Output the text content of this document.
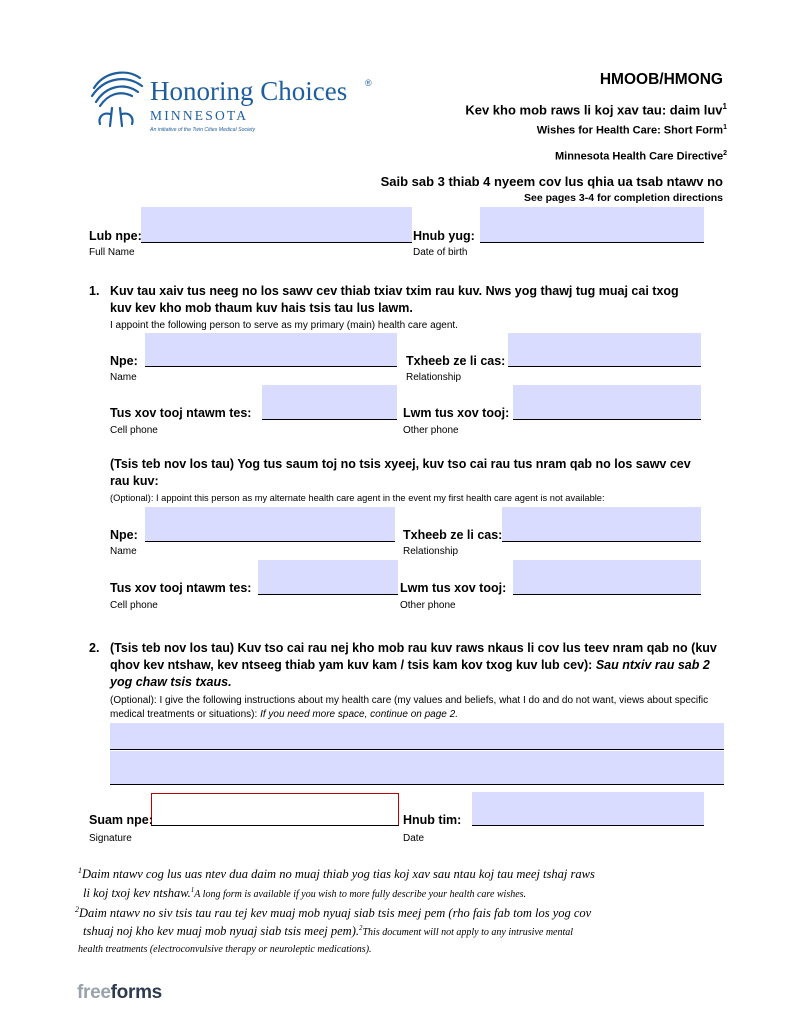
Honoring Choices ®
MINNESOTA
An initiative of the Twin Cities Medical Society
HMOOB/HMONG
Kev kho mob raws li koj xav tau: daim luv$^1$
Wishes for Health Care: Short Form$^1$
Minnesota Health Care Directive$^2$
Saib sab 3 thiab 4 nyeem cov lus qhia ua tsab ntawv no
See pages 3-4 for completion directions
Lub npe:	Hnub yug:
Full Name	Date of birth
1. Kuv tau xaiv tus neeg no los sawv cev thiab txiav txim rau kuv. Nws yog thawj tug muaj cai txog kuv kev kho mob thaum kuv hais tsis tau lus lawm.
I appoint the following person to serve as my primary (main) health care agent.
Npe:	Txheeb ze li cas:
Name	Relationship
Tus xov tooj ntawm tes:	Lwm tus xov tooj:
Cell phone	Other phone
(Tsis teb nov los tau) Yog tus saum toj no tsis xyeej, kuv tso cai rau tus nram qab no los sawv cev rau kuv:
(Optional): I appoint this person as my alternate health care agent in the event my first health care agent is not available:
Npe:	Txheeb ze li cas:
Name	Relationship
Tus xov tooj ntawm tes:	Lwm tus xov tooj:
Cell phone	Other phone
2. (Tsis teb nov los tau) Kuv tso cai rau nej kho mob rau kuv raws nkaus li cov lus teev nram qab no (kuv qhov kev ntshaw, kev ntseeg thiab yam kuv kam / tsis kam kov txog kuv lub cev): Sau ntxiv rau sab 2 yog chaw tsis txaus.
(Optional): I give the following instructions about my health care (my values and beliefs, what I do and do not want, views about specific medical treatments or situations): If you need more space, continue on page 2.
Suam npe:	Hnub tim:
Signature	Date
$^1$Daim ntawv cog lus uas ntev dua daim no muaj thiab yog tias koj xav sau ntau koj tau meej tshaj raws
li koj txoj kev ntshaw.$^1$A long form is available if you wish to more fully describe your health care wishes.
$^2$Daim ntawv no siv tsis tau rau tej kev muaj mob nyuaj siab tsis meej pem (rho fais fab tom los yog cov
tshuaj noj kho kev muaj mob nyuaj siab tsis meej pem).$^2$This document will not apply to any intrusive mental
health treatments (electroconvulsive therapy or neuroleptic medications).
freeforms
